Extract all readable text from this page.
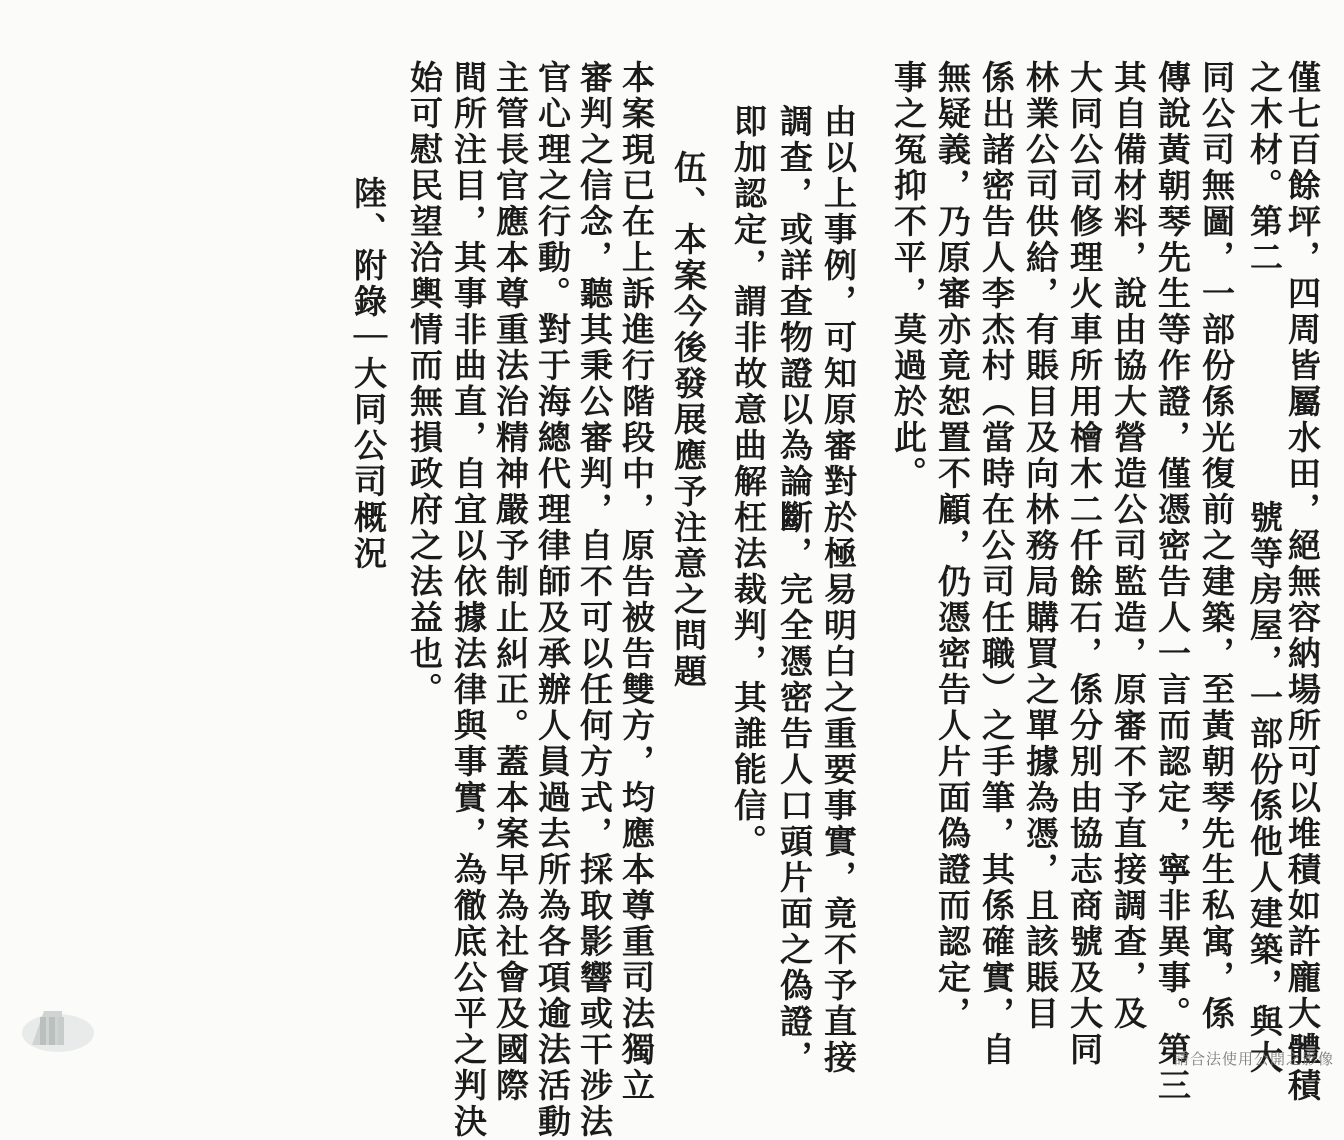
僅七百餘坪，四周皆屬水田，絕無容納場所可以堆積如許龐大體積
之木材。第二
號等房屋，一部份係他人建築，與大
同公司無圖，一部份係光復前之建築，至黃朝琴先生私寓，係
傳說黃朝琴先生等作證，僅憑密告人一言而認定，寧非異事。第三
其自備材料，說由協大營造公司監造，原審不予直接調查，及
大同公司修理火車所用檜木二仟餘石，係分別由協志商號及大同
林業公司供給，有賬目及向林務局購買之單據為憑，且該賬目
係出諸密告人李杰村（當時在公司任職）之手筆，其係確實，自
無疑義，乃原審亦竟恕置不顧，仍憑密告人片面偽證而認定，
事之冤抑不平，莫過於此。
由以上事例，可知原審對於極易明白之重要事實，竟不予直接
調查，或詳查物證以為論斷，完全憑密告人口頭片面之偽證，
即加認定，謂非故意曲解枉法裁判，其誰能信。
伍、本案今後發展應予注意之問題
本案現已在上訴進行階段中，原告被告雙方，均應本尊重司法獨立
審判之信念，聽其秉公審判，自不可以任何方式，採取影響或干涉法
官心理之行動。對于海總代理律師及承辦人員過去所為各項逾法活動
主管長官應本尊重法治精神嚴予制止糾正。蓋本案早為社會及國際
間所注目，其事非曲直，自宜以依據法律與事實，為徹底公平之判決
始可慰民望洽輿情而無損政府之法益也。
陸、附錄｜大同公司概況
請合法使用公開之影像
